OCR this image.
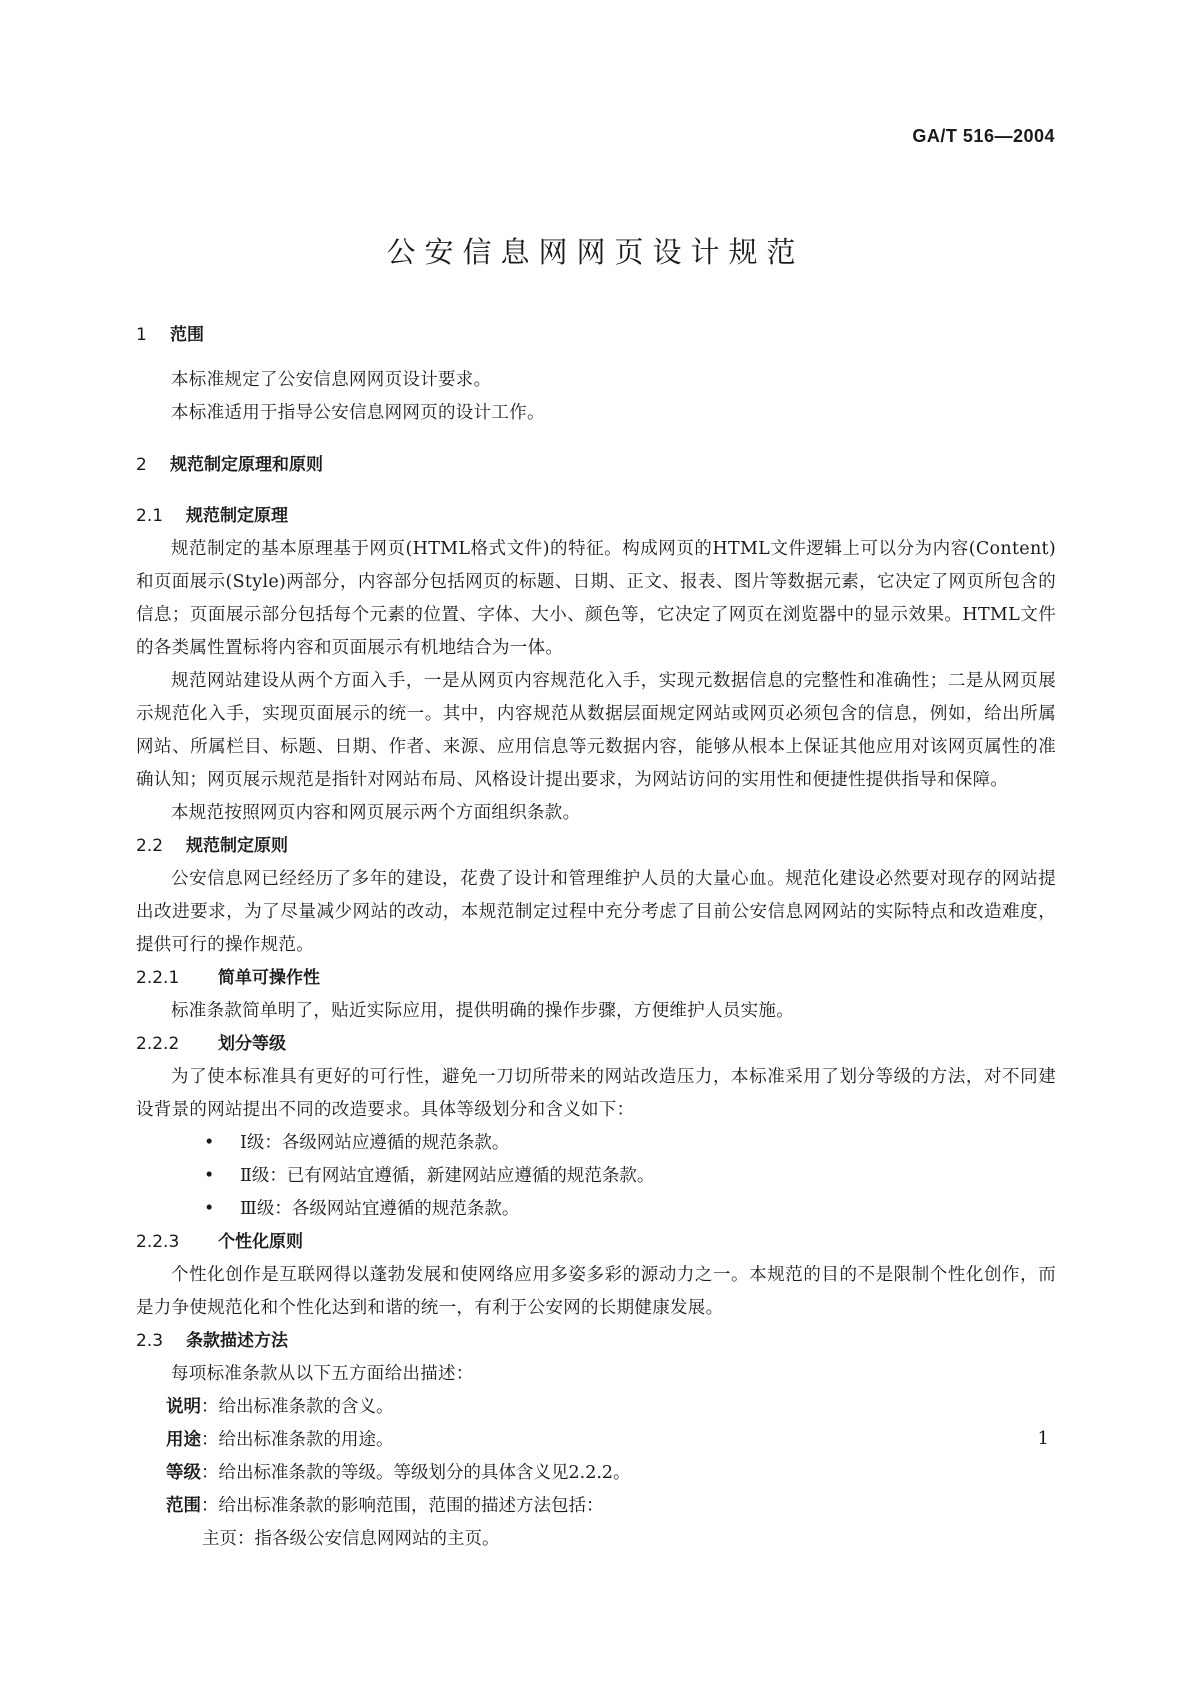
GA/T 516—2004
公安信息网网页设计规范
1 范围

本标准规定了公安信息网网页设计要求。

本标准适用于指导公安信息网网页的设计工作。

2 规范制定原理和原则
2.1 规范制定原理

规范制定的基本原理基于网页(HTML格式文件)的特征。构成网页的HTML文件逻辑上可以分为内容(Content)和页面展示(Style)两部分，内容部分包括网页的标题、日期、正文、报表、图片等数据元素，它决定了网页所包含的信息；页面展示部分包括每个元素的位置、字体、大小、颜色等，它决定了网页在浏览器中的显示效果。HTML文件的各类属性置标将内容和页面展示有机地结合为一体。

规范网站建设从两个方面入手，一是从网页内容规范化入手，实现元数据信息的完整性和准确性；二是从网页展示规范化入手，实现页面展示的统一。其中，内容规范从数据层面规定网站或网页必须包含的信息，例如，给出所属网站、所属栏目、标题、日期、作者、来源、应用信息等元数据内容，能够从根本上保证其他应用对该网页属性的准确认知；网页展示规范是指针对网站布局、风格设计提出要求，为网站访问的实用性和便捷性提供指导和保障。

本规范按照网页内容和网页展示两个方面组织条款。

2.2 规范制定原则

公安信息网已经经历了多年的建设，花费了设计和管理维护人员的大量心血。规范化建设必然要对现存的网站提出改进要求，为了尽量减少网站的改动，本规范制定过程中充分考虑了目前公安信息网网站的实际特点和改造难度，提供可行的操作规范。

2.2.1 简单可操作性

标准条款简单明了，贴近实际应用，提供明确的操作步骤，方便维护人员实施。

2.2.2 划分等级

为了使本标准具有更好的可行性，避免一刀切所带来的网站改造压力，本标准采用了划分等级的方法，对不同建设背景的网站提出不同的改造要求。具体等级划分和含义如下：

•	Ⅰ级：各级网站应遵循的规范条款。
•	Ⅱ级：已有网站宜遵循，新建网站应遵循的规范条款。
•	Ⅲ级：各级网站宜遵循的规范条款。
2.2.3 个性化原则

个性化创作是互联网得以蓬勃发展和使网络应用多姿多彩的源动力之一。本规范的目的不是限制个性化创作，而是力争使规范化和个性化达到和谐的统一，有利于公安网的长期健康发展。

2.3 条款描述方法

每项标准条款从以下五方面给出描述：

说明：给出标准条款的含义。

用途：给出标准条款的用途。

等级：给出标准条款的等级。等级划分的具体含义见2.2.2。

范围：给出标准条款的影响范围，范围的描述方法包括：

主页：指各级公安信息网网站的主页。

1
